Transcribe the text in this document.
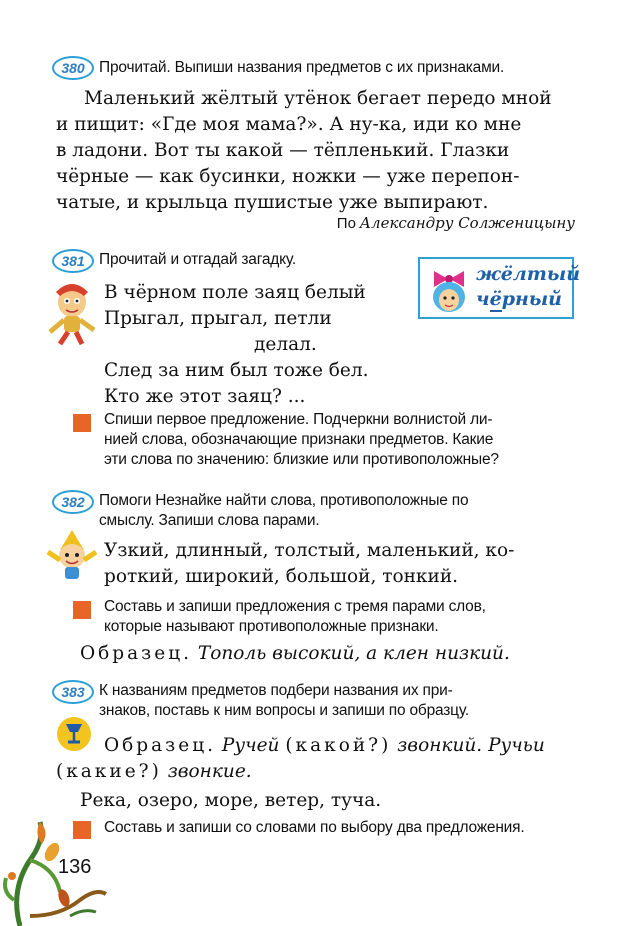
380 Прочитай. Выпиши названия предметов с их признаками.

Маленький жёлтый утёнок бегает передо мной

и пищит: «Где моя мама?». А ну-ка, иди ко мне

в ладони. Вот ты какой — тёпленький. Глазки

чёрные — как бусинки, ножки — уже перепон-

чатые, и крыльца пушистые уже выпирают.

По Александру Солженицыну
381 Прочитай и отгадай загадку.

В чёрном поле заяц белый

Прыгал, прыгал, петли

делал.

След за ним был тоже бел.

Кто же этот заяц? ...

жёлтый
чёрный

Спиши первое предложение. Подчеркни волнистой ли-

нией слова, обозначающие признаки предметов. Какие

эти слова по значению: близкие или противоположные?

382 Помоги Незнайке найти слова, противоположные по

смыслу. Запиши слова парами.

Узкий, длинный, толстый, маленький, ко-

роткий, широкий, большой, тонкий.

Составь и запиши предложения с тремя парами слов,

которые называют противоположные признаки.

Образец. Тополь высокий, а клен низкий.
383 К названиям предметов подбери названия их при-

знаков, поставь к ним вопросы и запиши по образцу.

Образец. Ручей (какой?) звонкий. Ручьи
(какие?) звонкие.
Река, озеро, море, ветер, туча.
Составь и запиши со словами по выбору два предложения.
136
